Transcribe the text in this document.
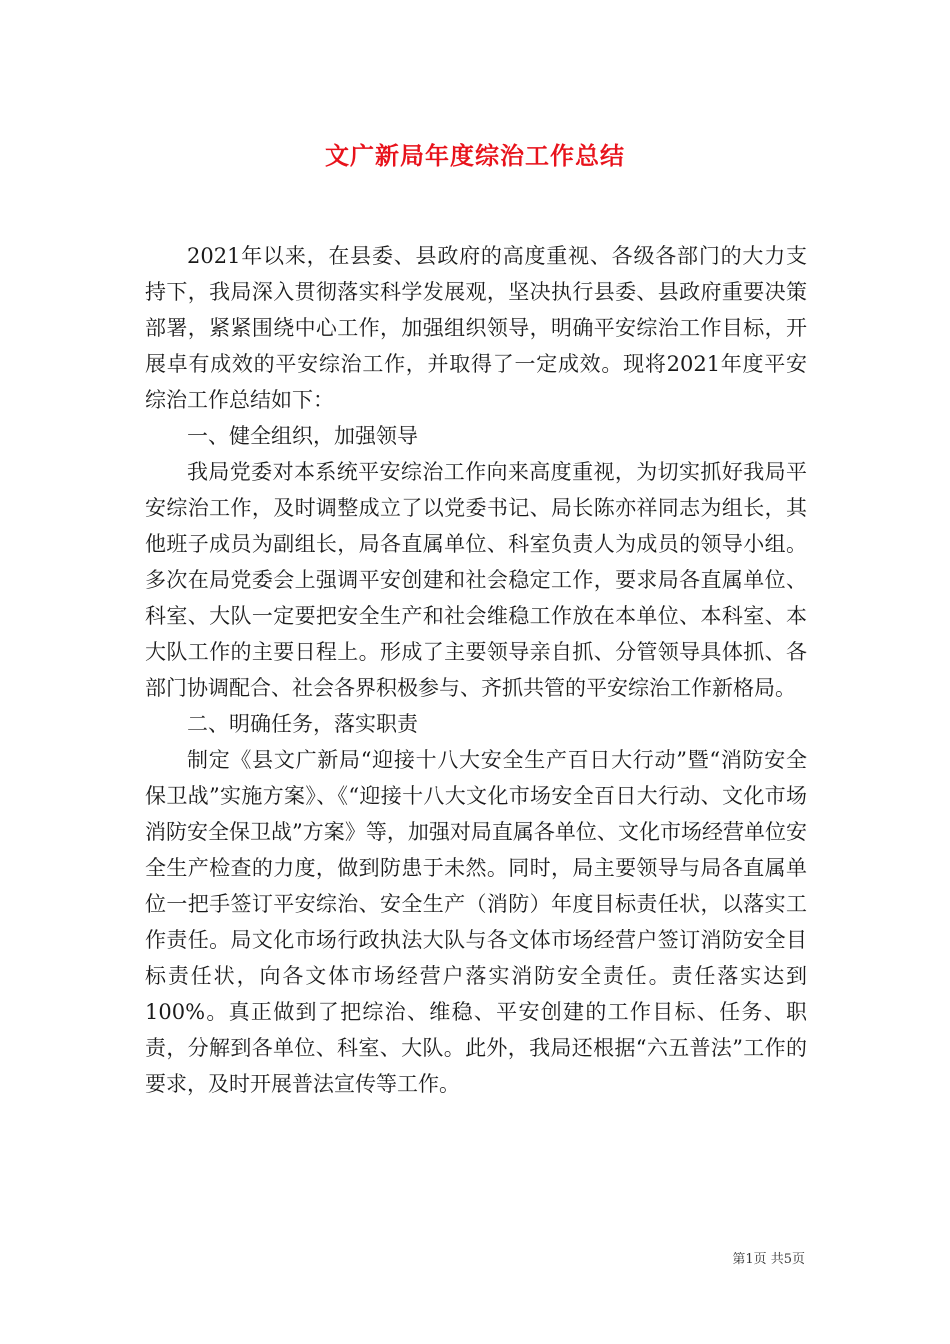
文广新局年度综治工作总结

2021年以来，在县委、县政府的高度重视、各级各部门的大力支持下，我局深入贯彻落实科学发展观，坚决执行县委、县政府重要决策部署，紧紧围绕中心工作，加强组织领导，明确平安综治工作目标，开展卓有成效的平安综治工作，并取得了一定成效。现将2021年度平安综治工作总结如下：

一、健全组织，加强领导

我局党委对本系统平安综治工作向来高度重视，为切实抓好我局平安综治工作，及时调整成立了以党委书记、局长陈亦祥同志为组长，其他班子成员为副组长，局各直属单位、科室负责人为成员的领导小组。多次在局党委会上强调平安创建和社会稳定工作，要求局各直属单位、科室、大队一定要把安全生产和社会维稳工作放在本单位、本科室、本大队工作的主要日程上。形成了主要领导亲自抓、分管领导具体抓、各部门协调配合、社会各界积极参与、齐抓共管的平安综治工作新格局。

二、明确任务，落实职责

制定《县文广新局“迎接十八大安全生产百日大行动”暨“消防安全保卫战”实施方案》、《“迎接十八大文化市场安全百日大行动、文化市场消防安全保卫战”方案》等，加强对局直属各单位、文化市场经营单位安全生产检查的力度，做到防患于未然。同时，局主要领导与局各直属单位一把手签订平安综治、安全生产（消防）年度目标责任状，以落实工作责任。局文化市场行政执法大队与各文体市场经营户签订消防安全目标责任状，向各文体市场经营户落实消防安全责任。责任落实达到100%。真正做到了把综治、维稳、平安创建的工作目标、任务、职责，分解到各单位、科室、大队。此外，我局还根据“六五普法”工作的要求，及时开展普法宣传等工作。

第1页 共5页
